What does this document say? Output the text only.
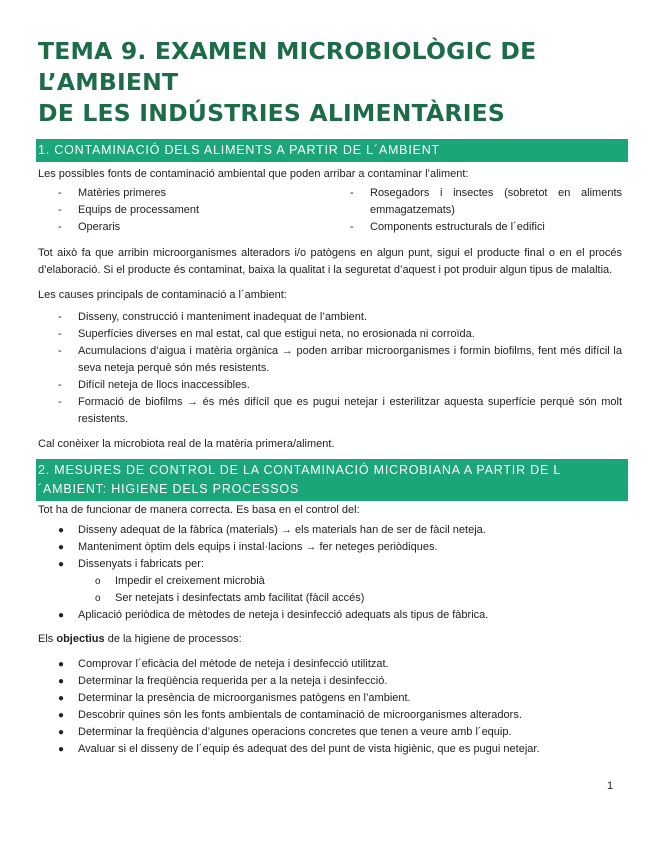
TEMA 9. EXAMEN MICROBIOLÒGIC DE L’AMBIENT
DE LES INDÚSTRIES ALIMENTÀRIES
1. CONTAMINACIÓ DELS ALIMENTS A PARTIR DE L´AMBIENT

Les possibles fonts de contaminació ambiental que poden arribar a contaminar l’aliment:

- Matèries primeres
- Equips de processament
- Operaris
- Rosegadors i insectes (sobretot en aliments emmagatzemats)
- Components estructurals de l´edifici

Tot això fa que arribin microorganismes alteradors i/o patògens en algun punt, sigui el producte final o en el procés d’elaboració. Si el producte és contaminat, baixa la qualitat i la seguretat d’aquest i pot produir algun tipus de malaltia.

Les causes principals de contaminació a l´ambient:

- Disseny, construcció i manteniment inadequat de l’ambient.
- Superfícies diverses en mal estat, cal que estigui neta, no erosionada ni corroïda.
- Acumulacions d’aigua i matèria orgànica → poden arribar microorganismes i formin biofilms, fent més difícil la seva neteja perquè són més resistents.
- Difícil neteja de llocs inaccessibles.
- Formació de biofilms → és més difícil que es pugui netejar i esterilitzar aquesta superfície perquè són molt resistents.

Cal conèixer la microbiota real de la matèria primera/aliment.

2. MESURES DE CONTROL DE LA CONTAMINACIÓ MICROBIANA A PARTIR DE L´AMBIENT: HIGIENE DELS PROCESSOS

Tot ha de funcionar de manera correcta. Es basa en el control del:

● Disseny adequat de la fàbrica (materials) → els materials han de ser de fàcil neteja.
● Manteniment òptim dels equips i instal·lacions → fer neteges periòdiques.
● Dissenyats i fabricats per:
o Impedir el creixement microbià
o Ser netejats i desinfectats amb facilitat (fàcil accés)
● Aplicació periòdica de mètodes de neteja i desinfecció adequats als tipus de fàbrica.

Els objectius de la higiene de processos:

● Comprovar l´eficàcia del mètode de neteja i desinfecció utilitzat.
● Determinar la freqüència requerida per a la neteja i desinfecció.
● Determinar la presència de microorganismes patògens en l’ambient.
● Descobrir quines són les fonts ambientals de contaminació de microorganismes alteradors.
● Determinar la freqüència d’algunes operacions concretes que tenen a veure amb l´equip.
● Avaluar si el disseny de l´equip és adequat des del punt de vista higiènic, que es pugui netejar.
1
